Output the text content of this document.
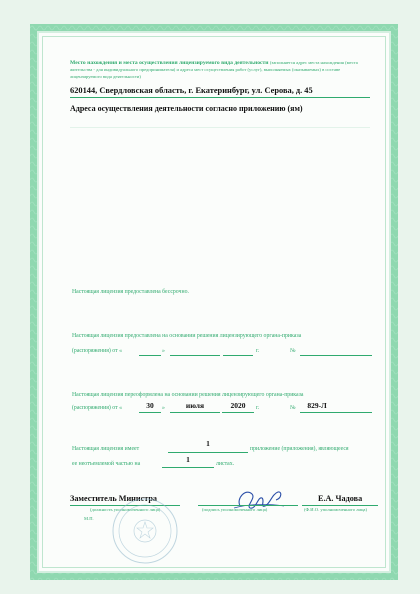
Место нахождения и места осуществления лицензируемого вида деятельности (заполняется адрес места нахождения (места жительства - для индивидуального предпринимателя) и адреса мест осуществления работ (услуг), выполняемых (оказываемых) в составе лицензируемого вида деятельности)
620144, Свердловская область, г. Екатеринбург, ул. Серова, д. 45
Адреса осуществления деятельности согласно приложению (ям)
Настоящая лицензия предоставлена бессрочно.
Настоящая лицензия предоставлена на основании решения лицензирующего органа-приказа
(распоряжения) от «	»	г.	№
Настоящая лицензия переоформлена на основании решения лицензирующего органа-приказа
(распоряжения) от «	30	»	июля	2020	г.	№	829-Л
Настоящая лицензия имеет
1
приложение (приложения), являющееся
ее неотъемлемой частью на	1	листах.
Заместитель Министра
(должность уполномоченного лица)	(подпись уполномоченного лица)
Е.А. Чадова
(Ф.И.О. уполномоченного лица)
М.П.
